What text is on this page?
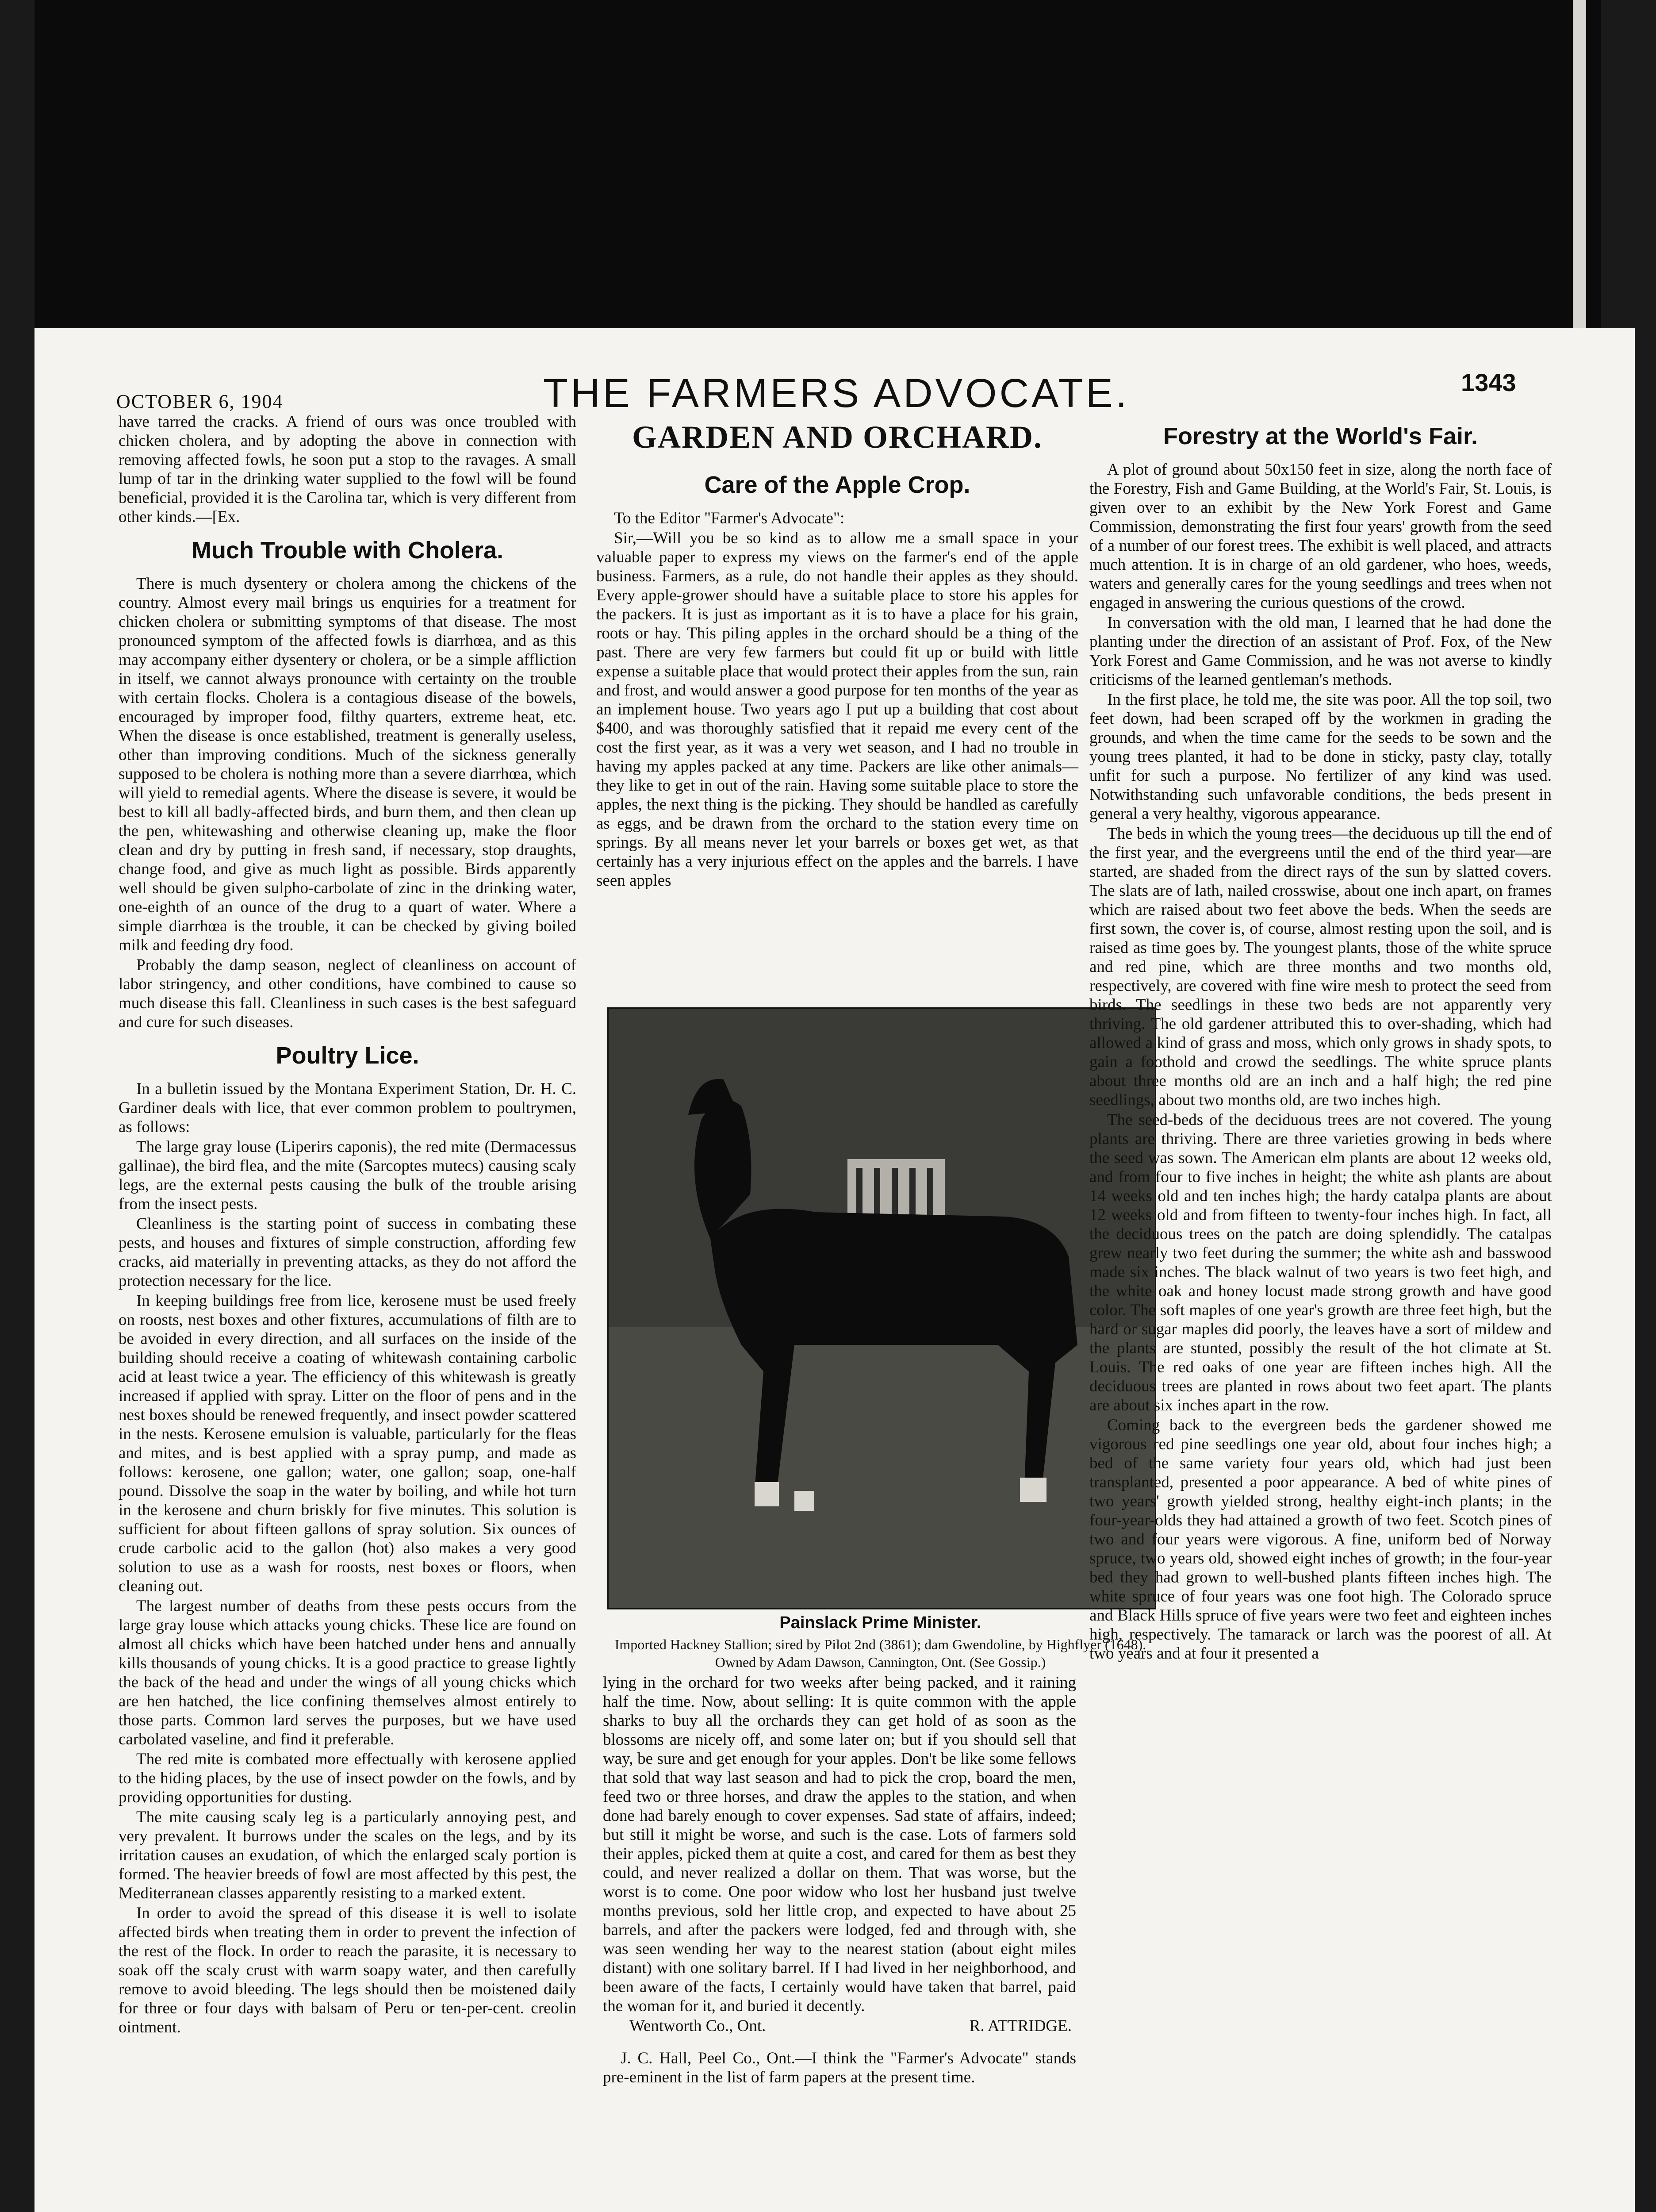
OCTOBER 6, 1904	THE FARMERS ADVOCATE.	1343
GARDEN AND ORCHARD.

have tarred the cracks. A friend of ours was once troubled with chicken cholera, and by adopting the above in connection with removing affected fowls, he soon put a stop to the ravages. A small lump of tar in the drinking water supplied to the fowl will be found beneficial, provided it is the Carolina tar, which is very different from other kinds.—[Ex.

Much Trouble with Cholera.

There is much dysentery or cholera among the chickens of the country. Almost every mail brings us enquiries for a treatment for chicken cholera or submitting symptoms of that disease. The most pronounced symptom of the affected fowls is diarrhœa, and as this may accompany either dysentery or cholera, or be a simple affliction in itself, we cannot always pronounce with certainty on the trouble with certain flocks. Cholera is a contagious disease of the bowels, encouraged by improper food, filthy quarters, extreme heat, etc. When the disease is once established, treatment is generally useless, other than improving conditions. Much of the sickness generally supposed to be cholera is nothing more than a severe diarrhœa, which will yield to remedial agents. Where the disease is severe, it would be best to kill all badly-affected birds, and burn them, and then clean up the pen, whitewashing and otherwise cleaning up, make the floor clean and dry by putting in fresh sand, if necessary, stop draughts, change food, and give as much light as possible. Birds apparently well should be given sulpho-carbolate of zinc in the drinking water, one-eighth of an ounce of the drug to a quart of water. Where a simple diarrhœa is the trouble, it can be checked by giving boiled milk and feeding dry food.

Probably the damp season, neglect of cleanliness on account of labor stringency, and other conditions, have combined to cause so much disease this fall. Cleanliness in such cases is the best safeguard and cure for such diseases.

Poultry Lice.

In a bulletin issued by the Montana Experiment Station, Dr. H. C. Gardiner deals with lice, that ever common problem to poultrymen, as follows:

The large gray louse (Liperirs caponis), the red mite (Dermacessus gallinae), the bird flea, and the mite (Sarcoptes mutecs) causing scaly legs, are the external pests causing the bulk of the trouble arising from the insect pests.

Cleanliness is the starting point of success in combating these pests, and houses and fixtures of simple construction, affording few cracks, aid materially in preventing attacks, as they do not afford the protection necessary for the lice.

In keeping buildings free from lice, kerosene must be used freely on roosts, nest boxes and other fixtures, accumulations of filth are to be avoided in every direction, and all surfaces on the inside of the building should receive a coating of whitewash containing carbolic acid at least twice a year. The efficiency of this whitewash is greatly increased if applied with spray. Litter on the floor of pens and in the nest boxes should be renewed frequently, and insect powder scattered in the nests. Kerosene emulsion is valuable, particularly for the fleas and mites, and is best applied with a spray pump, and made as follows: kerosene, one gallon; water, one gallon; soap, one-half pound. Dissolve the soap in the water by boiling, and while hot turn in the kerosene and churn briskly for five minutes. This solution is sufficient for about fifteen gallons of spray solution. Six ounces of crude carbolic acid to the gallon (hot) also makes a very good solution to use as a wash for roosts, nest boxes or floors, when cleaning out.

The largest number of deaths from these pests occurs from the large gray louse which attacks young chicks. These lice are found on almost all chicks which have been hatched under hens and annually kills thousands of young chicks. It is a good practice to grease lightly the back of the head and under the wings of all young chicks which are hen hatched, the lice confining themselves almost entirely to those parts. Common lard serves the purposes, but we have used carbolated vaseline, and find it preferable.

The red mite is combated more effectually with kerosene applied to the hiding places, by the use of insect powder on the fowls, and by providing opportunities for dusting.

The mite causing scaly leg is a particularly annoying pest, and very prevalent. It burrows under the scales on the legs, and by its irritation causes an exudation, of which the enlarged scaly portion is formed. The heavier breeds of fowl are most affected by this pest, the Mediterranean classes apparently resisting to a marked extent.

In order to avoid the spread of this disease it is well to isolate affected birds when treating them in order to prevent the infection of the rest of the flock. In order to reach the parasite, it is necessary to soak off the scaly crust with warm soapy water, and then carefully remove to avoid bleeding. The legs should then be moistened daily for three or four days with balsam of Peru or ten-per-cent. creolin ointment.

Care of the Apple Crop.

To the Editor "Farmer's Advocate":

Sir,—Will you be so kind as to allow me a small space in your valuable paper to express my views on the farmer's end of the apple business. Farmers, as a rule, do not handle their apples as they should. Every apple-grower should have a suitable place to store his apples for the packers. It is just as important as it is to have a place for his grain, roots or hay. This piling apples in the orchard should be a thing of the past. There are very few farmers but could fit up or build with little expense a suitable place that would protect their apples from the sun, rain and frost, and would answer a good purpose for ten months of the year as an implement house. Two years ago I put up a building that cost about $400, and was thoroughly satisfied that it repaid me every cent of the cost the first year, as it was a very wet season, and I had no trouble in having my apples packed at any time. Packers are like other animals—they like to get in out of the rain. Having some suitable place to store the apples, the next thing is the picking. They should be handled as carefully as eggs, and be drawn from the orchard to the station every time on springs. By all means never let your barrels or boxes get wet, as that certainly has a very injurious effect on the apples and the barrels. I have seen apples

Painslack Prime Minister.
Imported Hackney Stallion; sired by Pilot 2nd (3861); dam Gwendoline, by Highflyer (1648).
Owned by Adam Dawson, Cannington, Ont. (See Gossip.)

lying in the orchard for two weeks after being packed, and it raining half the time. Now, about selling: It is quite common with the apple sharks to buy all the orchards they can get hold of as soon as the blossoms are nicely off, and some later on; but if you should sell that way, be sure and get enough for your apples. Don't be like some fellows that sold that way last season and had to pick the crop, board the men, feed two or three horses, and draw the apples to the station, and when done had barely enough to cover expenses. Sad state of affairs, indeed; but still it might be worse, and such is the case. Lots of farmers sold their apples, picked them at quite a cost, and cared for them as best they could, and never realized a dollar on them. That was worse, but the worst is to come. One poor widow who lost her husband just twelve months previous, sold her little crop, and expected to have about 25 barrels, and after the packers were lodged, fed and through with, she was seen wending her way to the nearest station (about eight miles distant) with one solitary barrel. If I had lived in her neighborhood, and been aware of the facts, I certainly would have taken that barrel, paid the woman for it, and buried it decently.

Wentworth Co., Ont.	R. ATTRIDGE.

J. C. Hall, Peel Co., Ont.—I think the "Farmer's Advocate" stands pre-eminent in the list of farm papers at the present time.

Forestry at the World's Fair.

A plot of ground about 50x150 feet in size, along the north face of the Forestry, Fish and Game Building, at the World's Fair, St. Louis, is given over to an exhibit by the New York Forest and Game Commission, demonstrating the first four years' growth from the seed of a number of our forest trees. The exhibit is well placed, and attracts much attention. It is in charge of an old gardener, who hoes, weeds, waters and generally cares for the young seedlings and trees when not engaged in answering the curious questions of the crowd.

In conversation with the old man, I learned that he had done the planting under the direction of an assistant of Prof. Fox, of the New York Forest and Game Commission, and he was not averse to kindly criticisms of the learned gentleman's methods.

In the first place, he told me, the site was poor. All the top soil, two feet down, had been scraped off by the workmen in grading the grounds, and when the time came for the seeds to be sown and the young trees planted, it had to be done in sticky, pasty clay, totally unfit for such a purpose. No fertilizer of any kind was used. Notwithstanding such unfavorable conditions, the beds present in general a very healthy, vigorous appearance.

The beds in which the young trees—the deciduous up till the end of the first year, and the evergreens until the end of the third year—are started, are shaded from the direct rays of the sun by slatted covers. The slats are of lath, nailed crosswise, about one inch apart, on frames which are raised about two feet above the beds. When the seeds are first sown, the cover is, of course, almost resting upon the soil, and is raised as time goes by. The youngest plants, those of the white spruce and red pine, which are three months and two months old, respectively, are covered with fine wire mesh to protect the seed from birds. The seedlings in these two beds are not apparently very thriving. The old gardener attributed this to over-shading, which had allowed a kind of grass and moss, which only grows in shady spots, to gain a foothold and crowd the seedlings. The white spruce plants about three months old are an inch and a half high; the red pine seedlings, about two months old, are two inches high.

The seed-beds of the deciduous trees are not covered. The young plants are thriving. There are three varieties growing in beds where the seed was sown. The American elm plants are about 12 weeks old, and from four to five inches in height; the white ash plants are about 14 weeks old and ten inches high; the hardy catalpa plants are about 12 weeks old and from fifteen to twenty-four inches high. In fact, all the deciduous trees on the patch are doing splendidly. The catalpas grew nearly two feet during the summer; the white ash and basswood made six inches. The black walnut of two years is two feet high, and the white oak and honey locust made strong growth and have good color. The soft maples of one year's growth are three feet high, but the hard or sugar maples did poorly, the leaves have a sort of mildew and the plants are stunted, possibly the result of the hot climate at St. Louis. The red oaks of one year are fifteen inches high. All the deciduous trees are planted in rows about two feet apart. The plants are about six inches apart in the row.

Coming back to the evergreen beds the gardener showed me vigorous red pine seedlings one year old, about four inches high; a bed of the same variety four years old, which had just been transplanted, presented a poor appearance. A bed of white pines of two years' growth yielded strong, healthy eight-inch plants; in the four-year-olds they had attained a growth of two feet. Scotch pines of two and four years were vigorous. A fine, uniform bed of Norway spruce, two years old, showed eight inches of growth; in the four-year bed they had grown to well-bushed plants fifteen inches high. The white spruce of four years was one foot high. The Colorado spruce and Black Hills spruce of five years were two feet and eighteen inches high, respectively. The tamarack or larch was the poorest of all. At two years and at four it presented a
